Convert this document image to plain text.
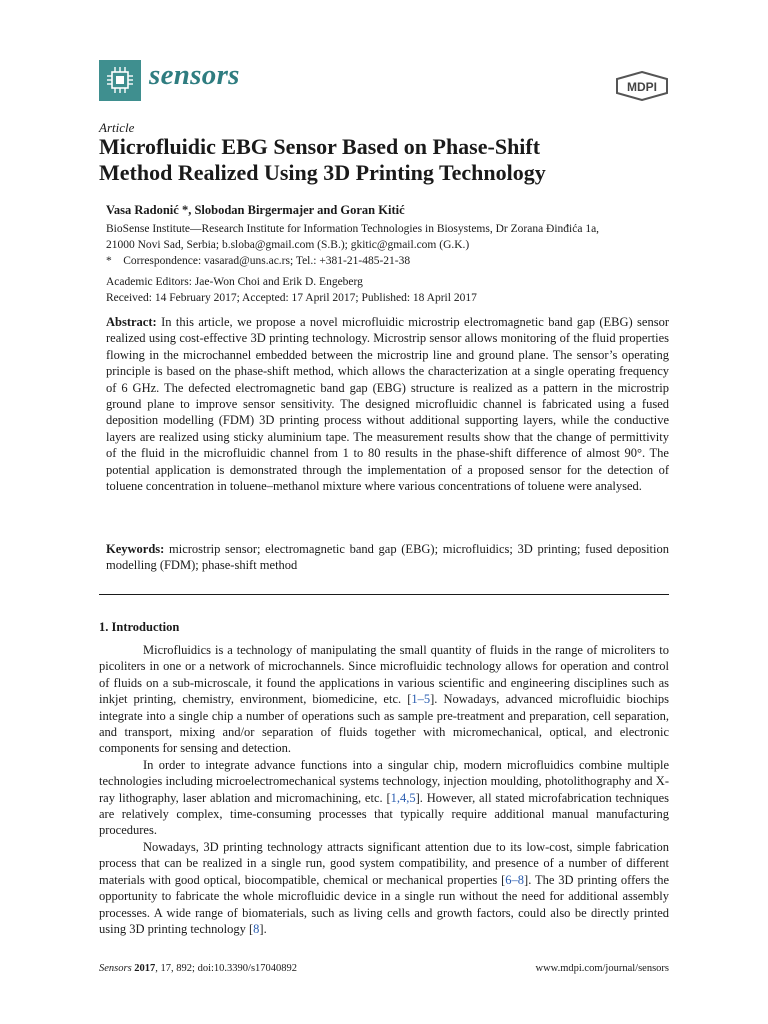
sensors	MDPI
Article
Microfluidic EBG Sensor Based on Phase-Shift
Method Realized Using 3D Printing Technology
Vasa Radonić *, Slobodan Birgermajer and Goran Kitić
BioSense Institute—Research Institute for Information Technologies in Biosystems, Dr Zorana Đinđića 1a,
21000 Novi Sad, Serbia; b.sloba@gmail.com (S.B.); gkitic@gmail.com (G.K.)
* Correspondence: vasarad@uns.ac.rs; Tel.: +381-21-485-21-38
Academic Editors: Jae-Won Choi and Erik D. Engeberg
Received: 14 February 2017; Accepted: 17 April 2017; Published: 18 April 2017
Abstract: In this article, we propose a novel microfluidic microstrip electromagnetic band gap (EBG) sensor realized using cost-effective 3D printing technology. Microstrip sensor allows monitoring of the fluid properties flowing in the microchannel embedded between the microstrip line and ground plane. The sensor’s operating principle is based on the phase-shift method, which allows the characterization at a single operating frequency of 6 GHz. The defected electromagnetic band gap (EBG) structure is realized as a pattern in the microstrip ground plane to improve sensor sensitivity. The designed microfluidic channel is fabricated using a fused deposition modelling (FDM) 3D printing process without additional supporting layers, while the conductive layers are realized using sticky aluminium tape. The measurement results show that the change of permittivity of the fluid in the microfluidic channel from 1 to 80 results in the phase-shift difference of almost 90°. The potential application is demonstrated through the implementation of a proposed sensor for the detection of toluene concentration in toluene–methanol mixture where various concentrations of toluene were analysed.
Keywords: microstrip sensor; electromagnetic band gap (EBG); microfluidics; 3D printing; fused deposition modelling (FDM); phase-shift method
1. Introduction

Microfluidics is a technology of manipulating the small quantity of fluids in the range of microliters to picoliters in one or a network of microchannels. Since microfluidic technology allows for operation and control of fluids on a sub-microscale, it found the applications in various scientific and engineering disciplines such as inkjet printing, chemistry, environment, biomedicine, etc. [1–5]. Nowadays, advanced microfluidic biochips integrate into a single chip a number of operations such as sample pre-treatment and preparation, cell separation, and transport, mixing and/or separation of fluids together with micromechanical, optical, and electronic components for sensing and detection.

In order to integrate advance functions into a singular chip, modern microfluidics combine multiple technologies including microelectromechanical systems technology, injection moulding, photolithography and X-ray lithography, laser ablation and micromachining, etc. [1,4,5]. However, all stated microfabrication techniques are relatively complex, time-consuming processes that typically require additional manual manufacturing procedures.

Nowadays, 3D printing technology attracts significant attention due to its low-cost, simple fabrication process that can be realized in a single run, good system compatibility, and presence of a number of different materials with good optical, biocompatible, chemical or mechanical properties [6–8]. The 3D printing offers the opportunity to fabricate the whole microfluidic device in a single run without the need for additional assembly processes. A wide range of biomaterials, such as living cells and growth factors, could also be directly printed using 3D printing technology [8].

Sensors 2017, 17, 892; doi:10.3390/s17040892	www.mdpi.com/journal/sensors
